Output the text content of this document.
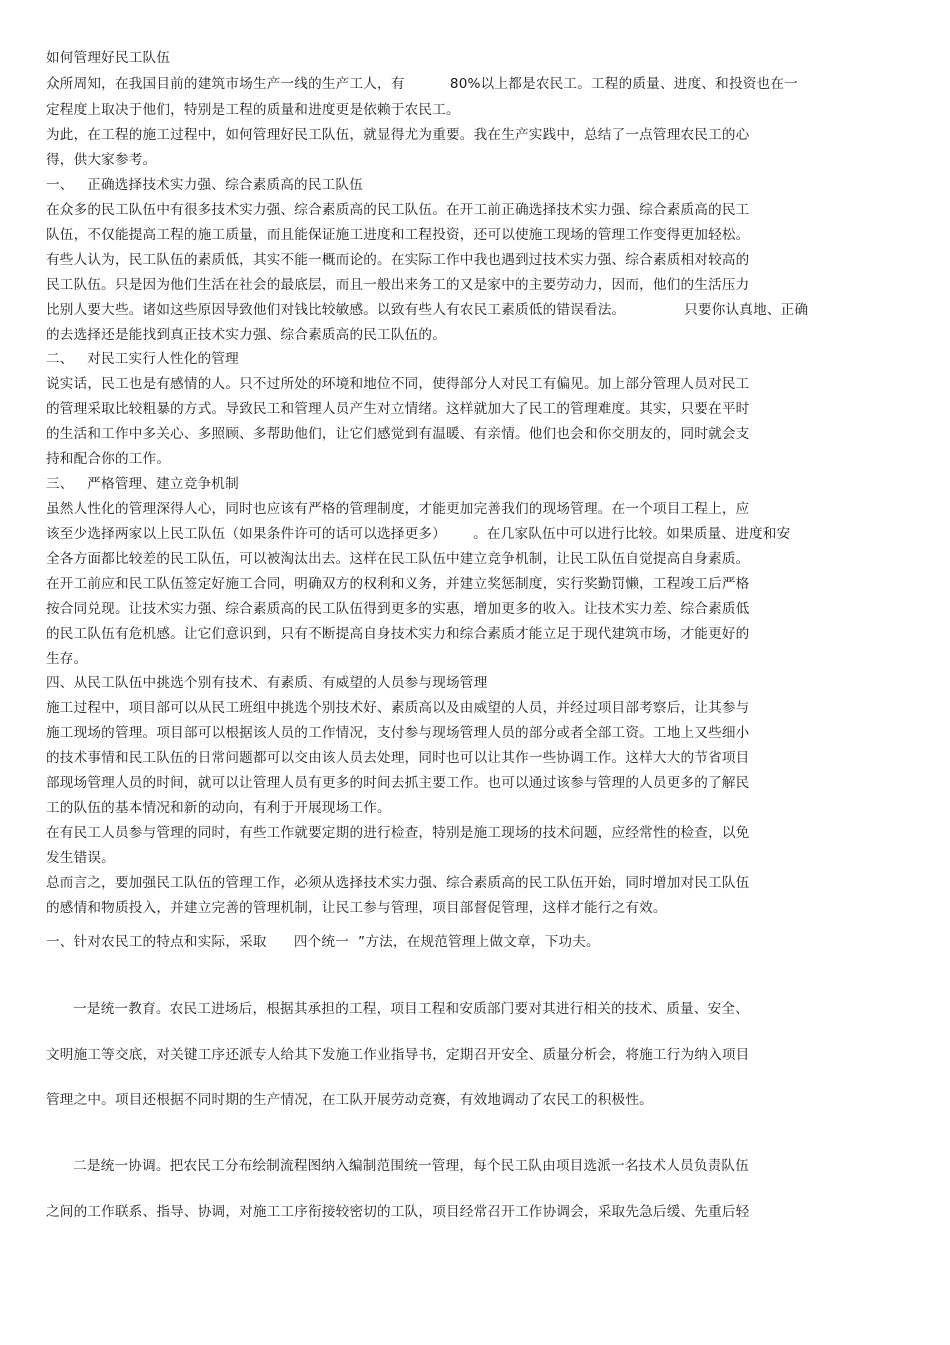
如何管理好民工队伍
众所周知，在我国目前的建筑市场生产一线的生产工人，有          80%以上都是农民工。工程的质量、进度、和投资也在一
定程度上取决于他们，特别是工程的质量和进度更是依赖于农民工。
为此，在工程的施工过程中，如何管理好民工队伍，就显得尤为重要。我在生产实践中，总结了一点管理农民工的心
得，供大家参考。
一、   正确选择技术实力强、综合素质高的民工队伍
在众多的民工队伍中有很多技术实力强、综合素质高的民工队伍。在开工前正确选择技术实力强、综合素质高的民工
队伍，不仅能提高工程的施工质量，而且能保证施工进度和工程投资，还可以使施工现场的管理工作变得更加轻松。
有些人认为，民工队伍的素质低，其实不能一概而论的。在实际工作中我也遇到过技术实力强、综合素质相对较高的
民工队伍。只是因为他们生活在社会的最底层，而且一般出来务工的又是家中的主要劳动力，因而，他们的生活压力
比别人要大些。诸如这些原因导致他们对钱比较敏感。以致有些人有农民工素质低的错误看法。             只要你认真地、正确
的去选择还是能找到真正技术实力强、综合素质高的民工队伍的。
二、   对民工实行人性化的管理
说实话，民工也是有感情的人。只不过所处的环境和地位不同，使得部分人对民工有偏见。加上部分管理人员对民工
的管理采取比较粗暴的方式。导致民工和管理人员产生对立情绪。这样就加大了民工的管理难度。其实，只要在平时
的生活和工作中多关心、多照顾、多帮助他们，让它们感觉到有温暖、有亲情。他们也会和你交朋友的，同时就会支
持和配合你的工作。
三、   严格管理、建立竞争机制
虽然人性化的管理深得人心，同时也应该有严格的管理制度，才能更加完善我们的现场管理。在一个项目工程上，应
该至少选择两家以上民工队伍（如果条件许可的话可以选择更多）      。在几家队伍中可以进行比较。如果质量、进度和安
全各方面都比较差的民工队伍，可以被淘汰出去。这样在民工队伍中建立竞争机制，让民工队伍自觉提高自身素质。
在开工前应和民工队伍签定好施工合同，明确双方的权利和义务，并建立奖惩制度，实行奖勤罚懒，工程竣工后严格
按合同兑现。让技术实力强、综合素质高的民工队伍得到更多的实惠，增加更多的收入。让技术实力差、综合素质低
的民工队伍有危机感。让它们意识到，只有不断提高自身技术实力和综合素质才能立足于现代建筑市场，才能更好的
生存。
四、从民工队伍中挑选个别有技术、有素质、有威望的人员参与现场管理
施工过程中，项目部可以从民工班组中挑选个别技术好、素质高以及由威望的人员，并经过项目部考察后，让其参与
施工现场的管理。项目部可以根据该人员的工作情况，支付参与现场管理人员的部分或者全部工资。工地上又些细小
的技术事情和民工队伍的日常问题都可以交由该人员去处理，同时也可以让其作一些协调工作。这样大大的节省项目
部现场管理人员的时间，就可以让管理人员有更多的时间去抓主要工作。也可以通过该参与管理的人员更多的了解民
工的队伍的基本情况和新的动向，有利于开展现场工作。
在有民工人员参与管理的同时，有些工作就要定期的进行检查，特别是施工现场的技术问题，应经常性的检查，以免
发生错误。
总而言之，要加强民工队伍的管理工作，必须从选择技术实力强、综合素质高的民工队伍开始，同时增加对民工队伍
的感情和物质投入，并建立完善的管理机制，让民工参与管理，项目部督促管理，这样才能行之有效。
一、针对农民工的特点和实际，采取      四个统一  ”方法，在规范管理上做文章，下功夫。
一是统一教育。农民工进场后，根据其承担的工程，项目工程和安质部门要对其进行相关的技术、质量、安全、
文明施工等交底，对关键工序还派专人给其下发施工作业指导书，定期召开安全、质量分析会，将施工行为纳入项目
管理之中。项目还根据不同时期的生产情况，在工队开展劳动竞赛，有效地调动了农民工的积极性。
二是统一协调。把农民工分布绘制流程图纳入编制范围统一管理，每个民工队由项目选派一名技术人员负责队伍
之间的工作联系、指导、协调，对施工工序衔接较密切的工队，项目经常召开工作协调会，采取先急后缓、先重后轻
